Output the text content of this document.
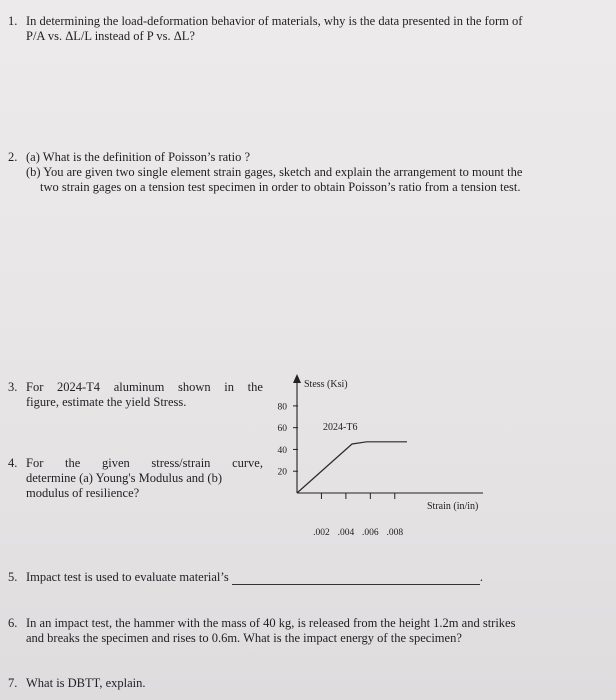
1. In determining the load-deformation behavior of materials, why is the data presented in the form of
P/A vs. ΔL/L instead of P vs. ΔL?
2. (a) What is the definition of Poisson’s ratio ?
(b) You are given two single element strain gages, sketch and explain the arrangement to mount the
two strain gages on a tension test specimen in order to obtain Poisson’s ratio from a tension test.
3. For 2024-T4 aluminum shown in the
figure, estimate the yield Stress.
4. For the given stress/strain curve,
determine (a) Young's Modulus and (b)
modulus of resilience?
80
60
40
20
.002 .004 .006 .008
Stess (Ksi)
Strain (in/in)
2024-T6
5. Impact test is used to evaluate material’s	.
6. In an impact test, the hammer with the mass of 40 kg, is released from the height 1.2m and strikes
and breaks the specimen and rises to 0.6m. What is the impact energy of the specimen?
7. What is DBTT, explain.
